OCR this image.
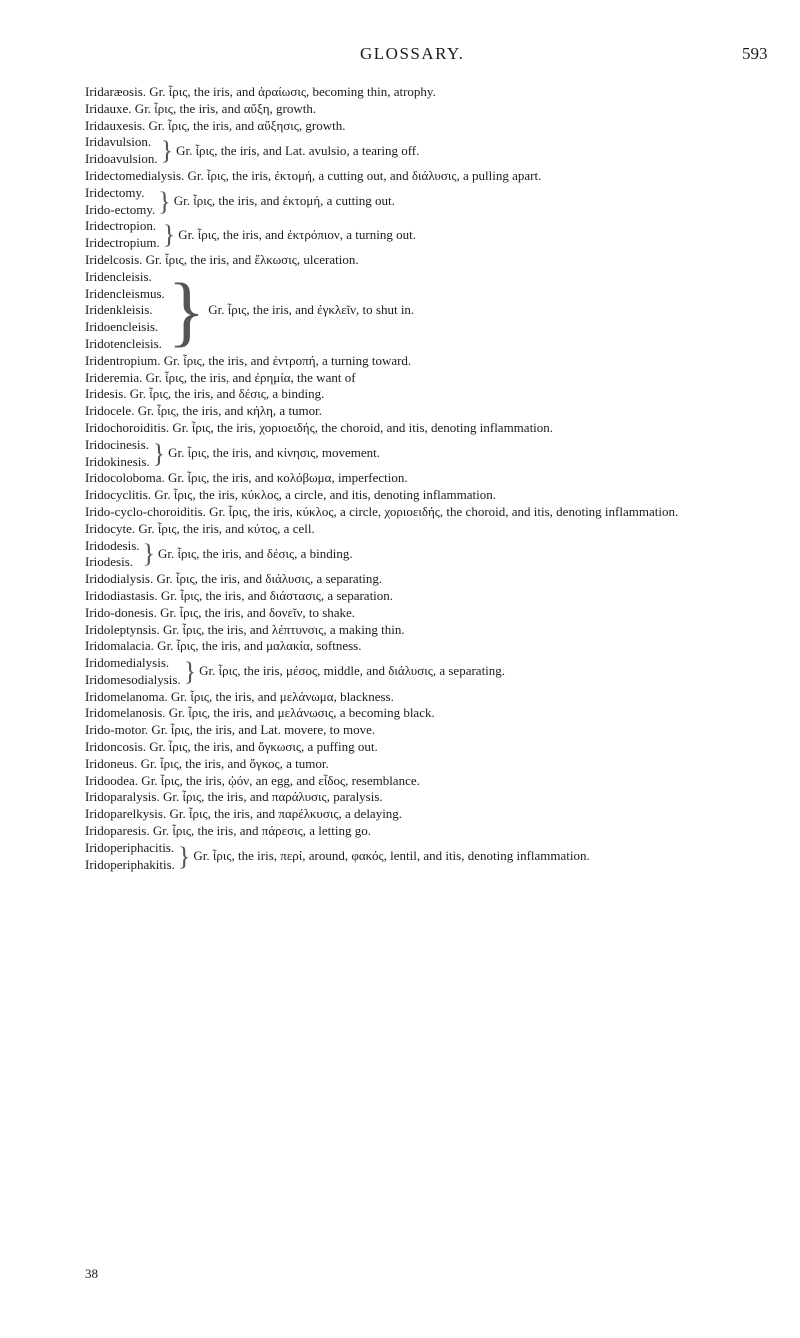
GLOSSARY.	593

Iridaræosis. Gr. ἶρις, the iris, and ἀραίωσις, becoming thin, atrophy.

Iridauxe. Gr. ἶρις, the iris, and αὔξη, growth.

Iridauxesis. Gr. ἶρις, the iris, and αὔξησις, growth.

Iridavulsion.
Iridoavulsion. } Gr. ἶρις, the iris, and Lat. avulsio, a tearing off.

Iridectomedialysis. Gr. ἶρις, the iris, ἐκτομή, a cutting out, and διάλυσις, a pulling apart.

Iridectomy.
Irido-ectomy. } Gr. ἶρις, the iris, and ἐκτομή, a cutting out.
Iridectropion.
Iridectropium. } Gr. ἶρις, the iris, and ἐκτρόπιον, a turning out.

Iridelcosis. Gr. ἶρις, the iris, and ἕλκωσις, ulceration.

Iridencleisis.
Iridencleismus.
Iridenkleisis.
Iridoencleisis.
Iridotencleisis. } Gr. ἶρις, the iris, and ἐγκλεῖν, to shut in.

Iridentropium. Gr. ἶρις, the iris, and ἐντροπή, a turning toward.

Irideremia. Gr. ἶρις, the iris, and ἐρημία, the want of

Iridesis. Gr. ἶρις, the iris, and δέσις, a binding.

Iridocele. Gr. ἶρις, the iris, and κήλη, a tumor.

Iridochoroiditis. Gr. ἶρις, the iris, χοριοειδής, the choroid, and itis, denoting inflammation.

Iridocinesis.
Iridokinesis. } Gr. ἶρις, the iris, and κίνησις, movement.

Iridocoloboma. Gr. ἶρις, the iris, and κολόβωμα, imperfection.

Iridocyclitis. Gr. ἶρις, the iris, κύκλος, a circle, and itis, denoting inflammation.

Irido-cyclo-choroiditis. Gr. ἶρις, the iris, κύκλος, a circle, χοριοειδής, the choroid, and itis, denoting inflammation.

Iridocyte. Gr. ἶρις, the iris, and κύτος, a cell.

Iridodesis.
Iriodesis. } Gr. ἶρις, the iris, and δέσις, a binding.

Iridodialysis. Gr. ἶρις, the iris, and διάλυσις, a separating.

Iridodiastasis. Gr. ἶρις, the iris, and διάστασις, a separation.

Irido-donesis. Gr. ἶρις, the iris, and δονεῖν, to shake.

Iridoleptynsis. Gr. ἶρις, the iris, and λέπτυνσις, a making thin.

Iridomalacia. Gr. ἶρις, the iris, and μαλακία, softness.

Iridomedialysis.
Iridomesodialysis. } Gr. ἶρις, the iris, μέσος, middle, and διάλυσις, a separating.

Iridomelanoma. Gr. ἶρις, the iris, and μελάνωμα, blackness.

Iridomelanosis. Gr. ἶρις, the iris, and μελάνωσις, a becoming black.

Irido-motor. Gr. ἶρις, the iris, and Lat. movere, to move.

Iridoncosis. Gr. ἶρις, the iris, and ὄγκωσις, a puffing out.

Iridoneus. Gr. ἶρις, the iris, and ὄγκος, a tumor.

Iridoodea. Gr. ἶρις, the iris, ᾠόν, an egg, and εἶδος, resemblance.

Iridoparalysis. Gr. ἶρις, the iris, and παράλυσις, paralysis.

Iridoparelkysis. Gr. ἶρις, the iris, and παρέλκυσις, a delaying.

Iridoparesis. Gr. ἶρις, the iris, and πάρεσις, a letting go.

Iridoperiphacitis.
Iridoperiphakitis. } Gr. ἶρις, the iris, περί, around, φακός, lentil, and itis, denoting inflammation.
38
